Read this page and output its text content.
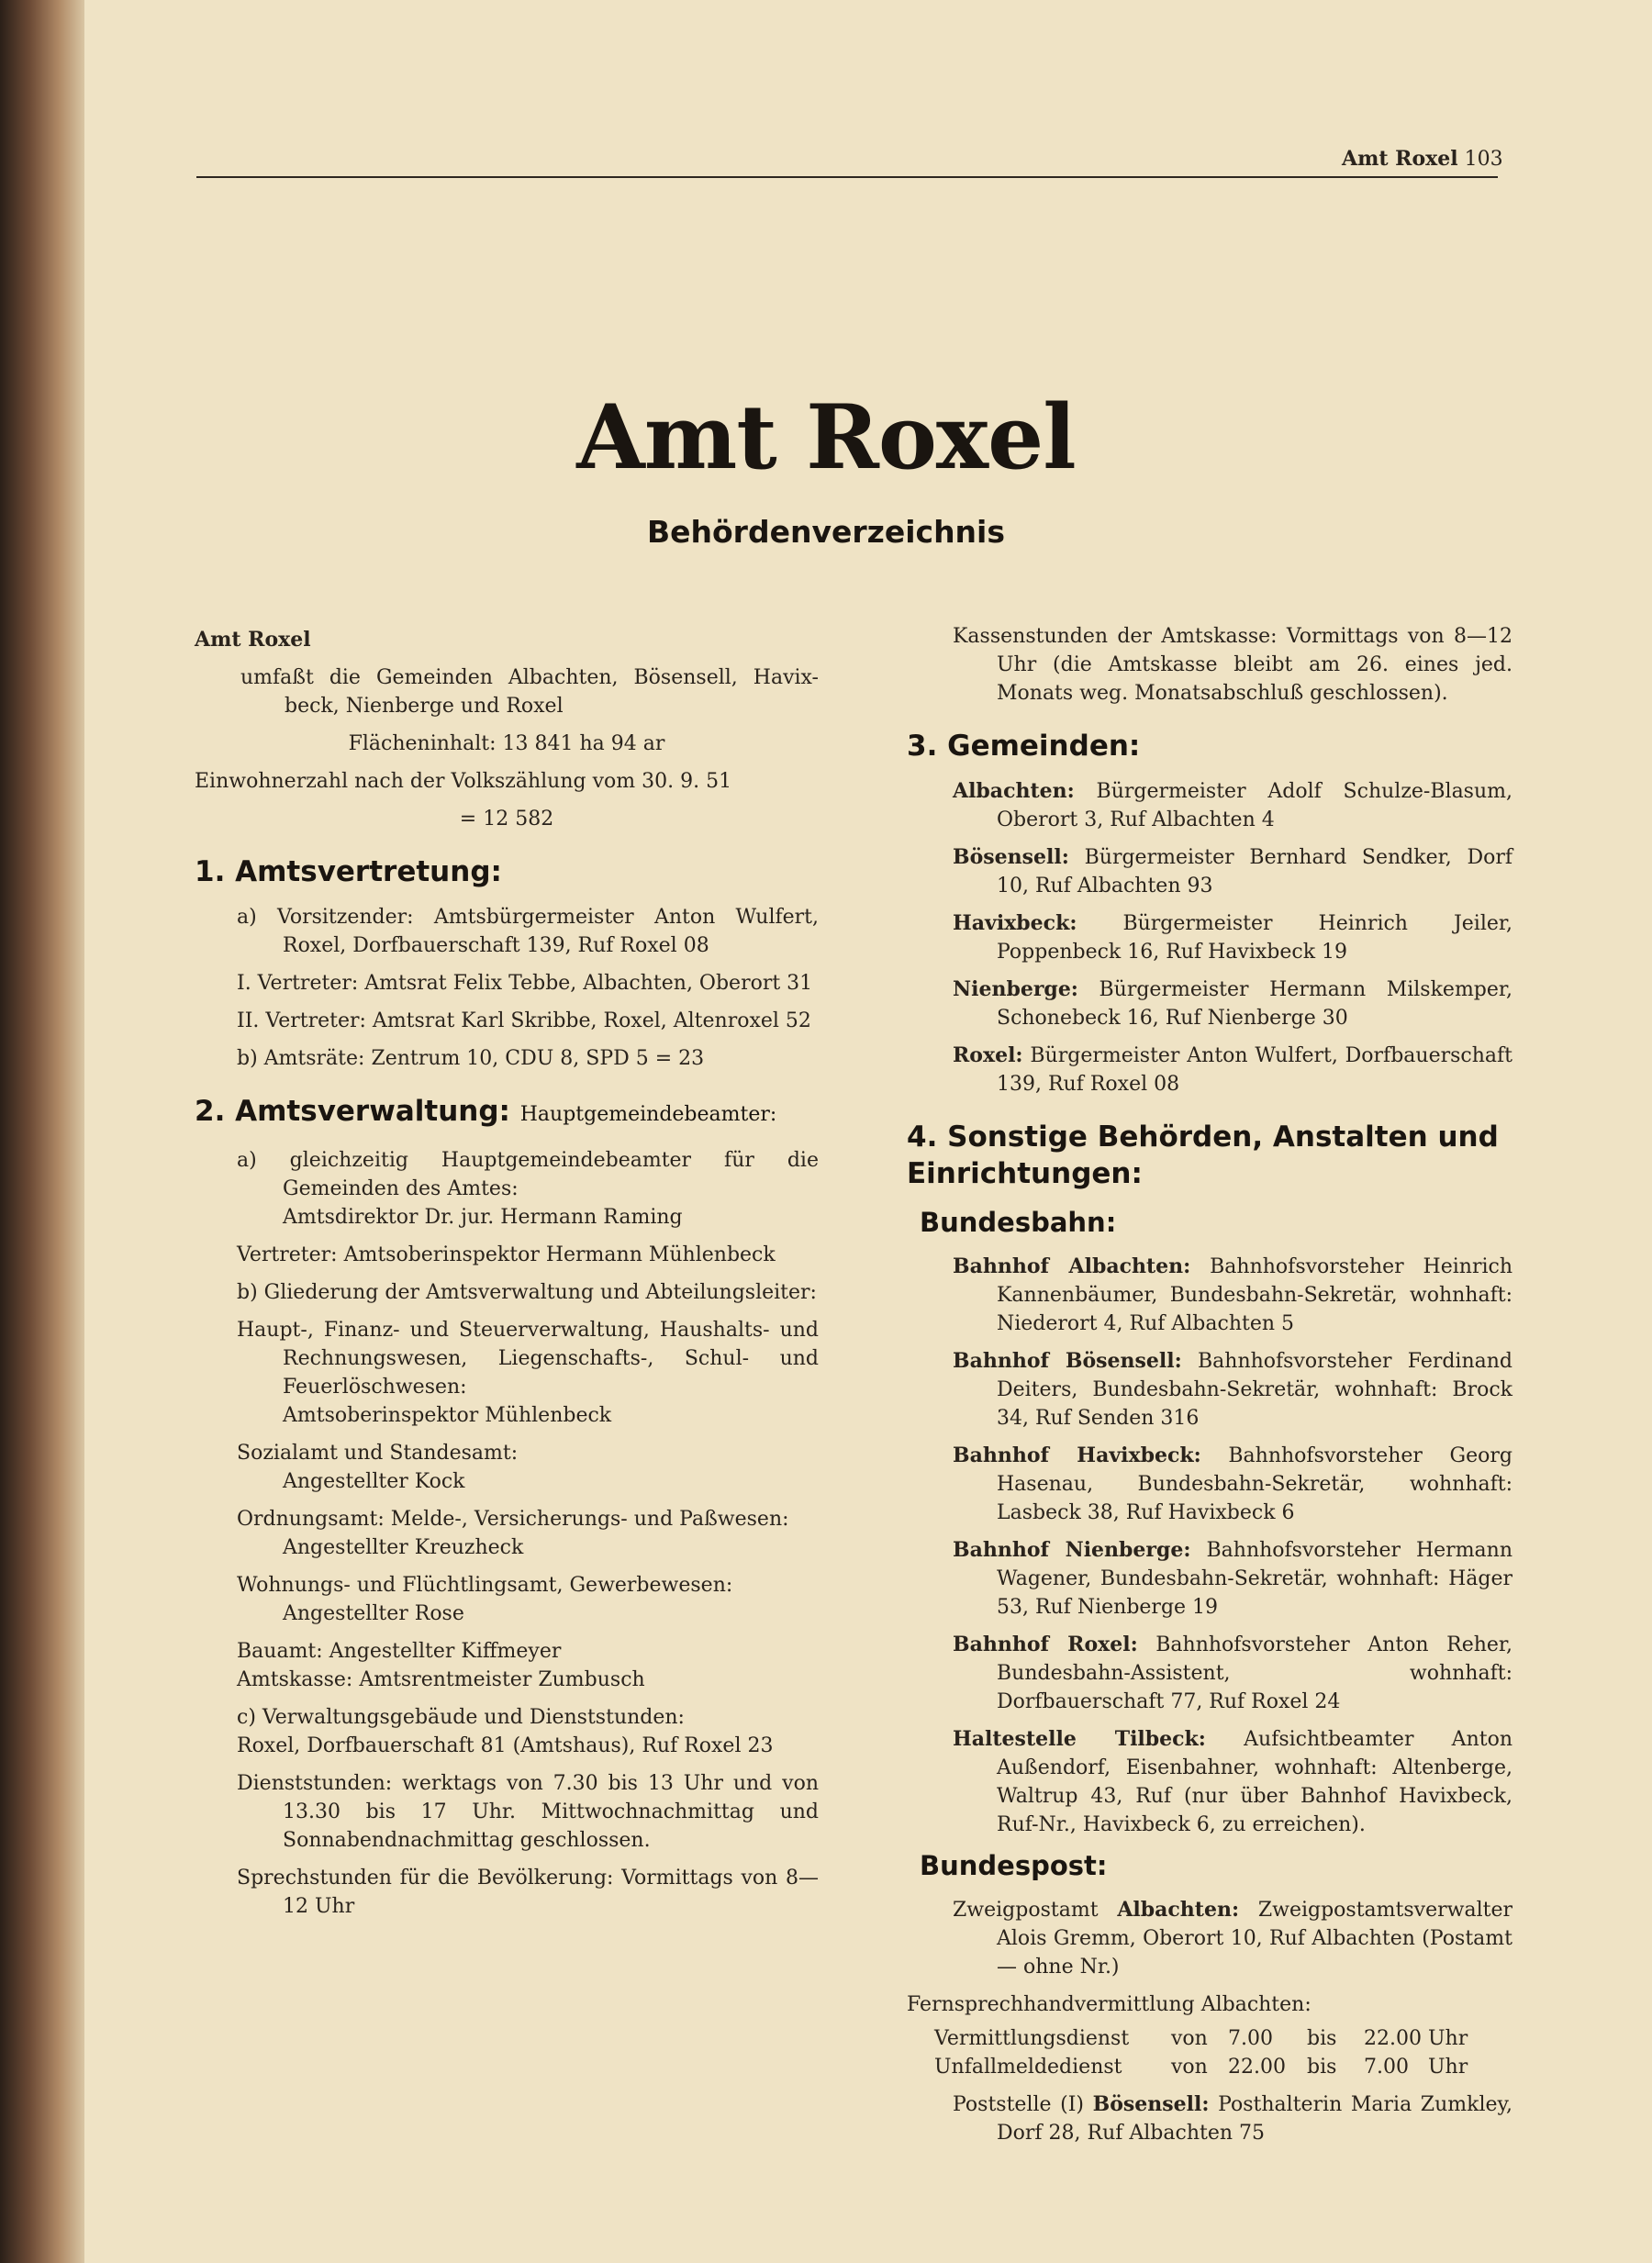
Amt Roxel 103
Amt Roxel
Behördenverzeichnis

Amt Roxel

umfaßt die Gemeinden Albachten, Bösensell, Havix-beck, Nienberge und Roxel

Flächeninhalt: 13 841 ha 94 ar

Einwohnerzahl nach der Volkszählung vom 30. 9. 51

= 12 582

1. Amtsvertretung:

a) Vorsitzender: Amtsbürgermeister Anton Wulfert, Roxel, Dorfbauerschaft 139, Ruf Roxel 08

I. Vertreter: Amtsrat Felix Tebbe, Albachten, Oberort 31

II. Vertreter: Amtsrat Karl Skribbe, Roxel, Altenroxel 52

b) Amtsräte: Zentrum 10, CDU 8, SPD 5 = 23

2. Amtsverwaltung: Hauptgemeindebeamter:

a) gleichzeitig Hauptgemeindebeamter für die Gemeinden des Amtes:

Amtsdirektor Dr. jur. Hermann Raming

Vertreter: Amtsoberinspektor Hermann Mühlenbeck

b) Gliederung der Amtsverwaltung und Abteilungsleiter:

Haupt-, Finanz- und Steuerverwaltung, Haushalts- und Rechnungswesen, Liegenschafts-, Schul- und Feuerlöschwesen:

Amtsoberinspektor Mühlenbeck

Sozialamt und Standesamt:

Angestellter Kock

Ordnungsamt: Melde-, Versicherungs- und Paßwesen:

Angestellter Kreuzheck

Wohnungs- und Flüchtlingsamt, Gewerbewesen:

Angestellter Rose

Bauamt: Angestellter Kiffmeyer

Amtskasse: Amtsrentmeister Zumbusch

c) Verwaltungsgebäude und Dienststunden:

Roxel, Dorfbauerschaft 81 (Amtshaus), Ruf Roxel 23

Dienststunden: werktags von 7.30 bis 13 Uhr und von 13.30 bis 17 Uhr. Mittwochnachmittag und Sonnabendnachmittag geschlossen.

Sprechstunden für die Bevölkerung: Vormittags von 8—12 Uhr

Kassenstunden der Amtskasse: Vormittags von 8—12 Uhr (die Amtskasse bleibt am 26. eines jed. Monats weg. Monatsabschluß geschlossen).

3. Gemeinden:

Albachten: Bürgermeister Adolf Schulze-Blasum, Oberort 3, Ruf Albachten 4

Bösensell: Bürgermeister Bernhard Sendker, Dorf 10, Ruf Albachten 93

Havixbeck: Bürgermeister Heinrich Jeiler, Poppenbeck 16, Ruf Havixbeck 19

Nienberge: Bürgermeister Hermann Milskemper, Schonebeck 16, Ruf Nienberge 30

Roxel: Bürgermeister Anton Wulfert, Dorfbauerschaft 139, Ruf Roxel 08

4. Sonstige Behörden, Anstalten und Einrichtungen:
Bundesbahn:

Bahnhof Albachten: Bahnhofsvorsteher Heinrich Kannenbäumer, Bundesbahn-Sekretär, wohnhaft: Niederort 4, Ruf Albachten 5

Bahnhof Bösensell: Bahnhofsvorsteher Ferdinand Deiters, Bundesbahn-Sekretär, wohnhaft: Brock 34, Ruf Senden 316

Bahnhof Havixbeck: Bahnhofsvorsteher Georg Hasenau, Bundesbahn-Sekretär, wohnhaft: Lasbeck 38, Ruf Havixbeck 6

Bahnhof Nienberge: Bahnhofsvorsteher Hermann Wagener, Bundesbahn-Sekretär, wohnhaft: Häger 53, Ruf Nienberge 19

Bahnhof Roxel: Bahnhofsvorsteher Anton Reher, Bundesbahn-Assistent, wohnhaft: Dorfbauerschaft 77, Ruf Roxel 24

Haltestelle Tilbeck: Aufsichtbeamter Anton Außendorf, Eisenbahner, wohnhaft: Altenberge, Waltrup 43, Ruf (nur über Bahnhof Havixbeck, Ruf-Nr., Havixbeck 6, zu erreichen).

Bundespost:

Zweigpostamt Albachten: Zweigpostamtsverwalter Alois Gremm, Oberort 10, Ruf Albachten (Postamt — ohne Nr.)

Fernsprechhandvermittlung Albachten:

Vermittlungsdienst	von	7.00	bis	22.00 Uhr
Unfallmeldedienst	von	22.00	bis	7.00 Uhr

Poststelle (I) Bösensell: Posthalterin Maria Zumkley, Dorf 28, Ruf Albachten 75
